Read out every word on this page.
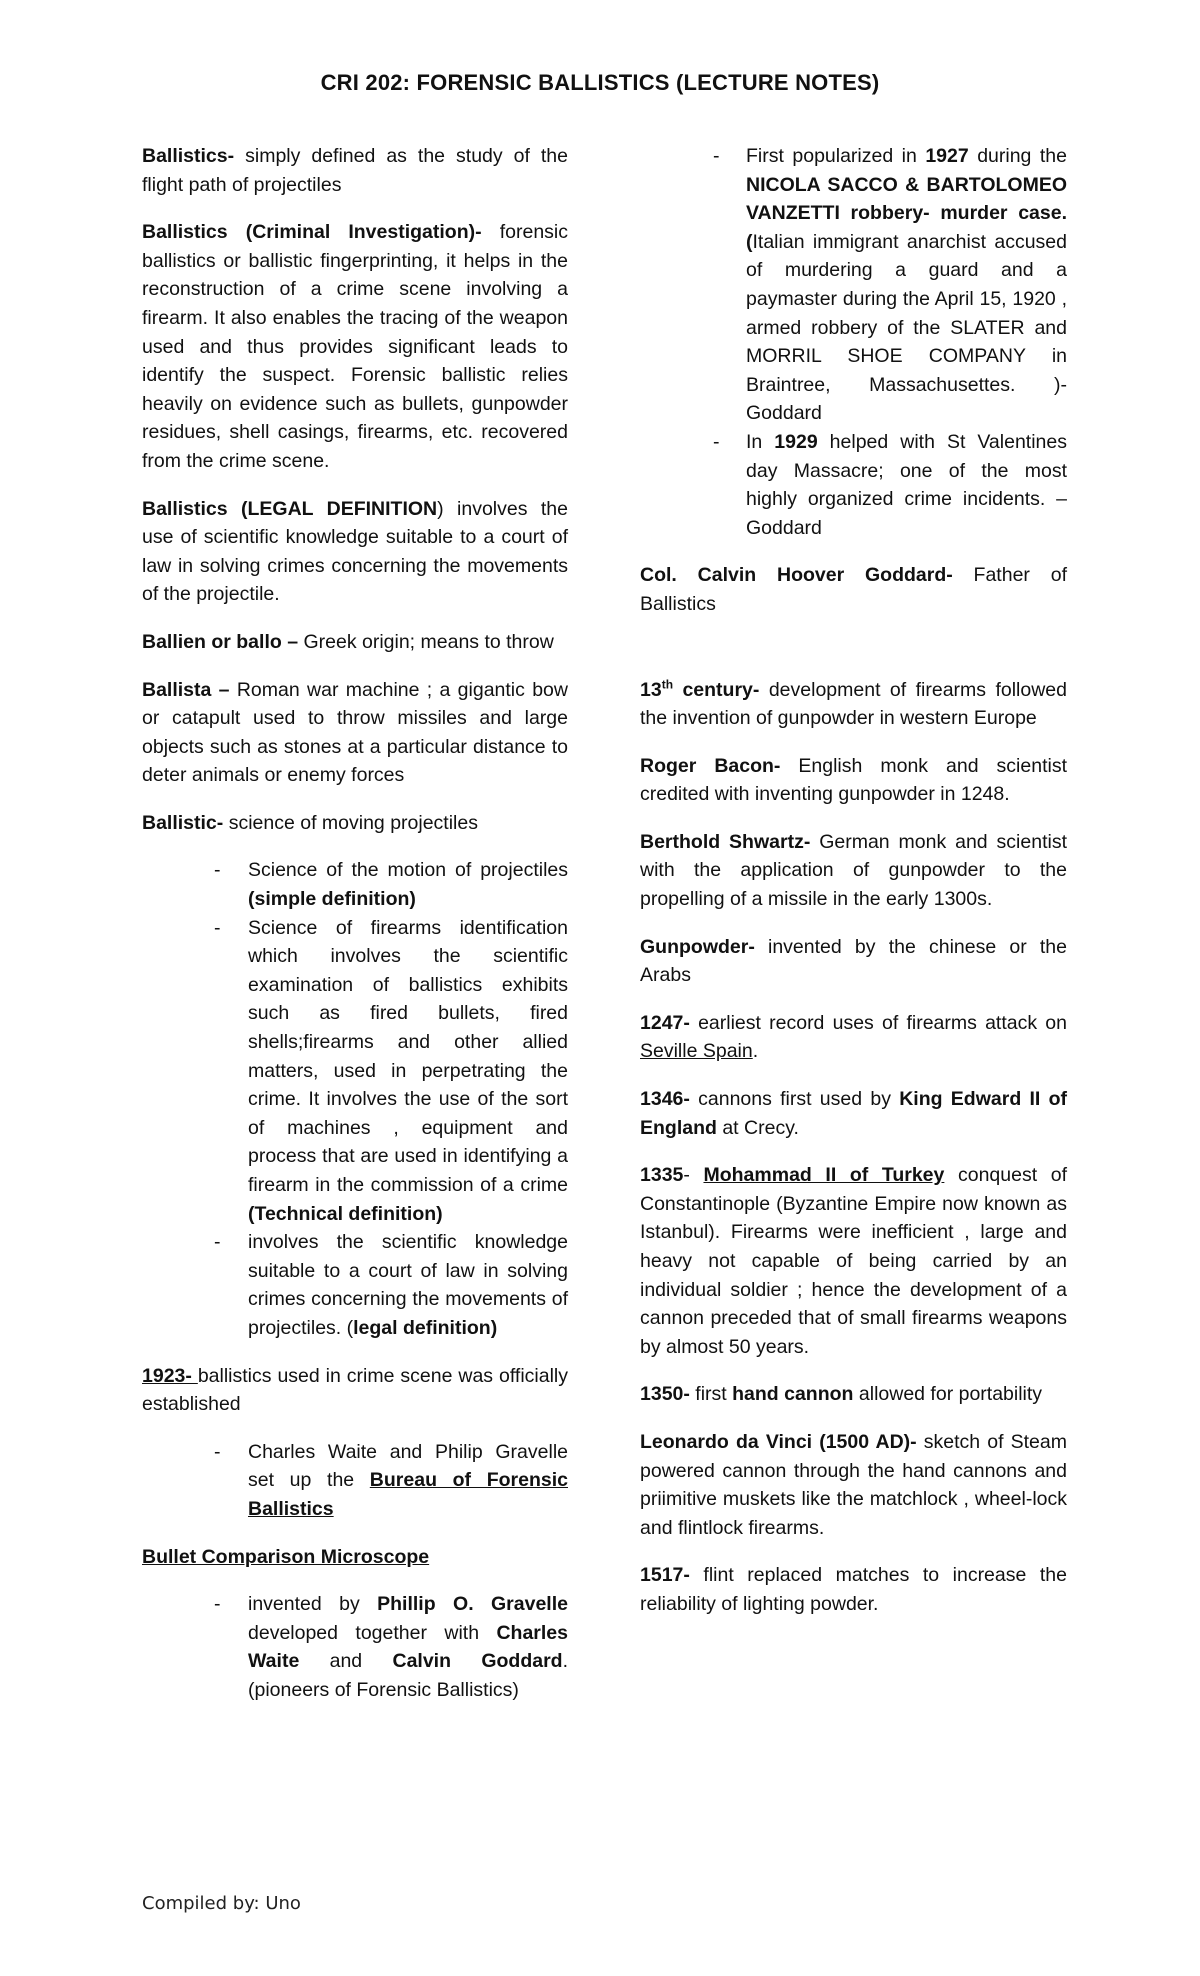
CRI 202: FORENSIC BALLISTICS (LECTURE NOTES)

Ballistics- simply defined as the study of the flight path of projectiles

Ballistics (Criminal Investigation)- forensic ballistics or ballistic fingerprinting, it helps in the reconstruction of a crime scene involving a firearm. It also enables the tracing of the weapon used and thus provides significant leads to identify the suspect. Forensic ballistic relies heavily on evidence such as bullets, gunpowder residues, shell casings, firearms, etc. recovered from the crime scene.

Ballistics (LEGAL DEFINITION) involves the use of scientific knowledge suitable to a court of law in solving crimes concerning the movements of the projectile.

Ballien or ballo – Greek origin; means to throw

Ballista – Roman war machine ; a gigantic bow or catapult used to throw missiles and large objects such as stones at a particular distance to deter animals or enemy forces

Ballistic- science of moving projectiles

- Science of the motion of projectiles (simple definition)
- Science of firearms identification which involves the scientific examination of ballistics exhibits such as fired bullets, fired shells;firearms and other allied matters, used in perpetrating the crime. It involves the use of the sort of machines , equipment and process that are used in identifying a firearm in the commission of a crime (Technical definition)
- involves the scientific knowledge suitable to a court of law in solving crimes concerning the movements of projectiles. (legal definition)

1923- ballistics used in crime scene was officially established

- Charles Waite and Philip Gravelle set up the Bureau of Forensic Ballistics

Bullet Comparison Microscope

- invented by Phillip O. Gravelle developed together with Charles Waite and Calvin Goddard. (pioneers of Forensic Ballistics)
- First popularized in 1927 during the NICOLA SACCO & BARTOLOMEO VANZETTI robbery- murder case. (Italian immigrant anarchist accused of murdering a guard and a paymaster during the April 15, 1920 , armed robbery of the SLATER and MORRIL SHOE COMPANY in Braintree, Massachusettes. )-Goddard
- In 1929 helped with St Valentines day Massacre; one of the most highly organized crime incidents. –Goddard

Col. Calvin Hoover Goddard- Father of Ballistics

13th century- development of firearms followed the invention of gunpowder in western Europe

Roger Bacon- English monk and scientist credited with inventing gunpowder in 1248.

Berthold Shwartz- German monk and scientist with the application of gunpowder to the propelling of a missile in the early 1300s.

Gunpowder- invented by the chinese or the Arabs

1247- earliest record uses of firearms attack on Seville Spain.

1346- cannons first used by King Edward II of England at Crecy.

1335- Mohammad II of Turkey conquest of Constantinople (Byzantine Empire now known as Istanbul). Firearms were inefficient , large and heavy not capable of being carried by an individual soldier ; hence the development of a cannon preceded that of small firearms weapons by almost 50 years.

1350- first hand cannon allowed for portability

Leonardo da Vinci (1500 AD)- sketch of Steam powered cannon through the hand cannons and priimitive muskets like the matchlock , wheel-lock and flintlock firearms.

1517- flint replaced matches to increase the reliability of lighting powder.

Compiled by: Uno
